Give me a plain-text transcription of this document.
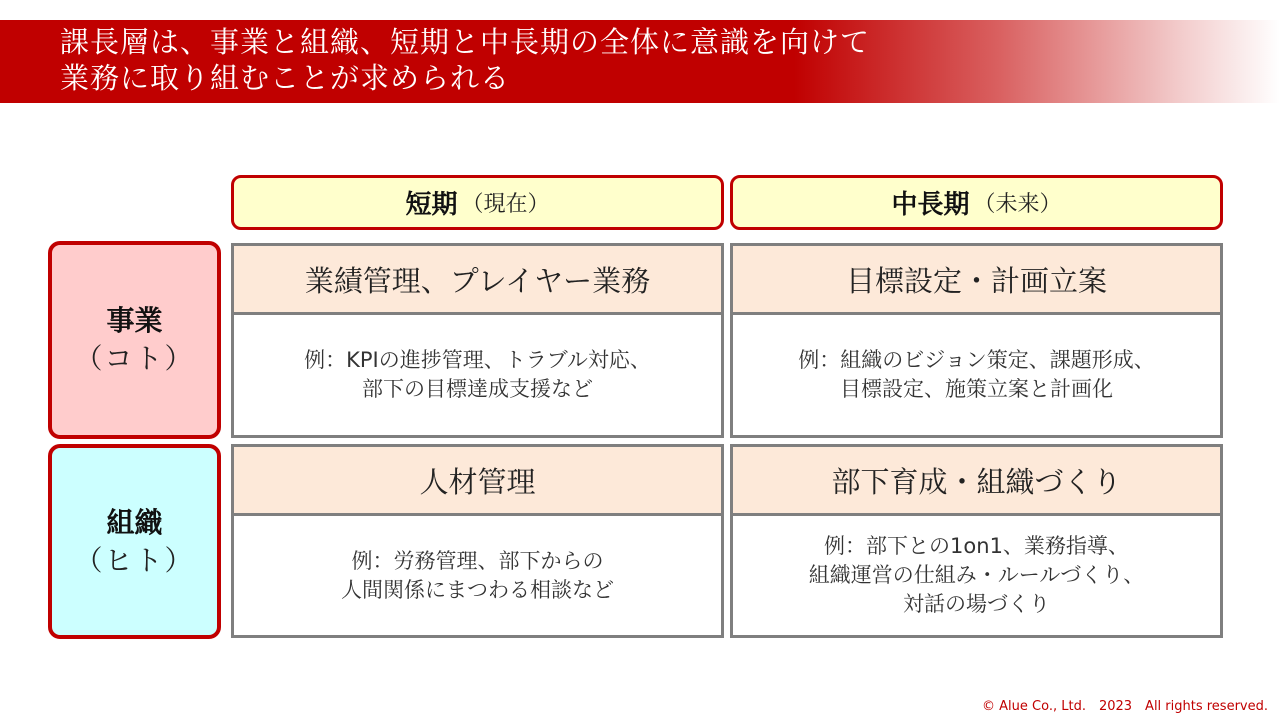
課長層は、事業と組織、短期と中長期の全体に意識を向けて
業務に取り組むことが求められる
短期 （現在）	中長期 （未来）
事業
（コト）
組織
（ヒト）
業績管理、プレイヤー業務
例：KPIの進捗管理、トラブル対応、
部下の目標達成支援など
目標設定・計画立案
例：組織のビジョン策定、課題形成、
目標設定、施策立案と計画化
人材管理
例：労務管理、部下からの
人間関係にまつわる相談など
部下育成・組織づくり
例：部下との1on1、業務指導、
組織運営の仕組み・ルールづくり、
対話の場づくり
© Alue Co., Ltd.　2023　All rights reserved.
